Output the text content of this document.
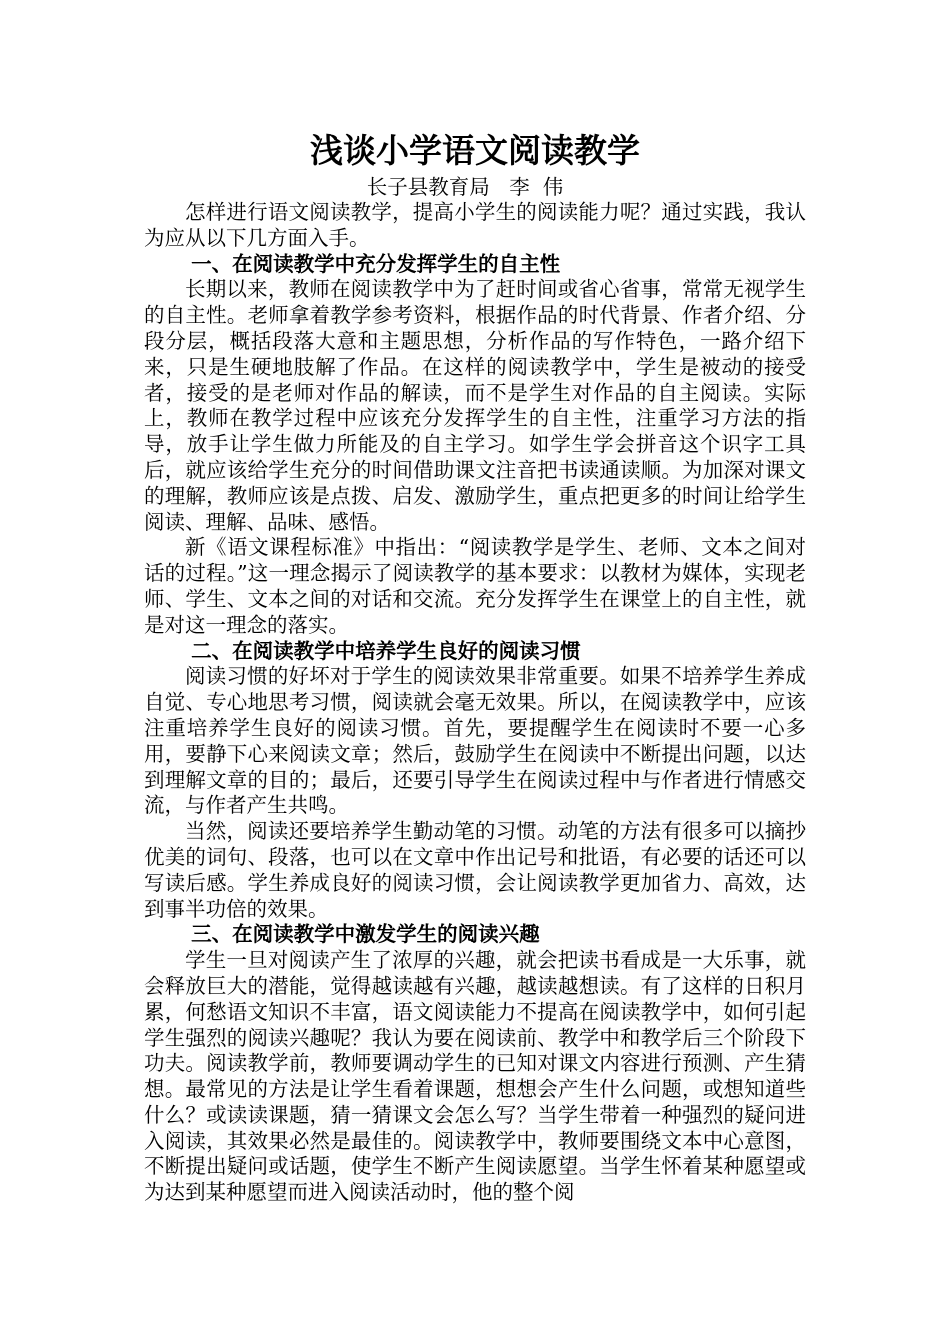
浅谈小学语文阅读教学

长子县教育局   李  伟

怎样进行语文阅读教学，提高小学生的阅读能力呢？通过实践，我认为应从以下几方面入手。

一、在阅读教学中充分发挥学生的自主性

长期以来，教师在阅读教学中为了赶时间或省心省事，常常无视学生的自主性。老师拿着教学参考资料，根据作品的时代背景、作者介绍、分段分层，概括段落大意和主题思想，分析作品的写作特色，一路介绍下来，只是生硬地肢解了作品。在这样的阅读教学中，学生是被动的接受者，接受的是老师对作品的解读，而不是学生对作品的自主阅读。实际上，教师在教学过程中应该充分发挥学生的自主性，注重学习方法的指导，放手让学生做力所能及的自主学习。如学生学会拼音这个识字工具后，就应该给学生充分的时间借助课文注音把书读通读顺。为加深对课文的理解，教师应该是点拨、启发、激励学生，重点把更多的时间让给学生阅读、理解、品味、感悟。

新《语文课程标准》中指出：“阅读教学是学生、老师、文本之间对话的过程。”这一理念揭示了阅读教学的基本要求：以教材为媒体，实现老师、学生、文本之间的对话和交流。充分发挥学生在课堂上的自主性，就是对这一理念的落实。

二、在阅读教学中培养学生良好的阅读习惯

阅读习惯的好坏对于学生的阅读效果非常重要。如果不培养学生养成自觉、专心地思考习惯，阅读就会毫无效果。所以，在阅读教学中，应该注重培养学生良好的阅读习惯。首先，要提醒学生在阅读时不要一心多用，要静下心来阅读文章；然后，鼓励学生在阅读中不断提出问题，以达到理解文章的目的；最后，还要引导学生在阅读过程中与作者进行情感交流，与作者产生共鸣。

当然，阅读还要培养学生勤动笔的习惯。动笔的方法有很多可以摘抄优美的词句、段落，也可以在文章中作出记号和批语，有必要的话还可以写读后感。学生养成良好的阅读习惯，会让阅读教学更加省力、高效，达到事半功倍的效果。

三、在阅读教学中激发学生的阅读兴趣

学生一旦对阅读产生了浓厚的兴趣，就会把读书看成是一大乐事，就会释放巨大的潜能，觉得越读越有兴趣，越读越想读。有了这样的日积月累，何愁语文知识不丰富，语文阅读能力不提高在阅读教学中，如何引起学生强烈的阅读兴趣呢？我认为要在阅读前、教学中和教学后三个阶段下功夫。阅读教学前，教师要调动学生的已知对课文内容进行预测、产生猜想。最常见的方法是让学生看着课题，想想会产生什么问题，或想知道些什么？或读读课题，猜一猜课文会怎么写？当学生带着一种强烈的疑问进入阅读，其效果必然是最佳的。阅读教学中，教师要围绕文本中心意图，不断提出疑问或话题，使学生不断产生阅读愿望。当学生怀着某种愿望或为达到某种愿望而进入阅读活动时，他的整个阅
